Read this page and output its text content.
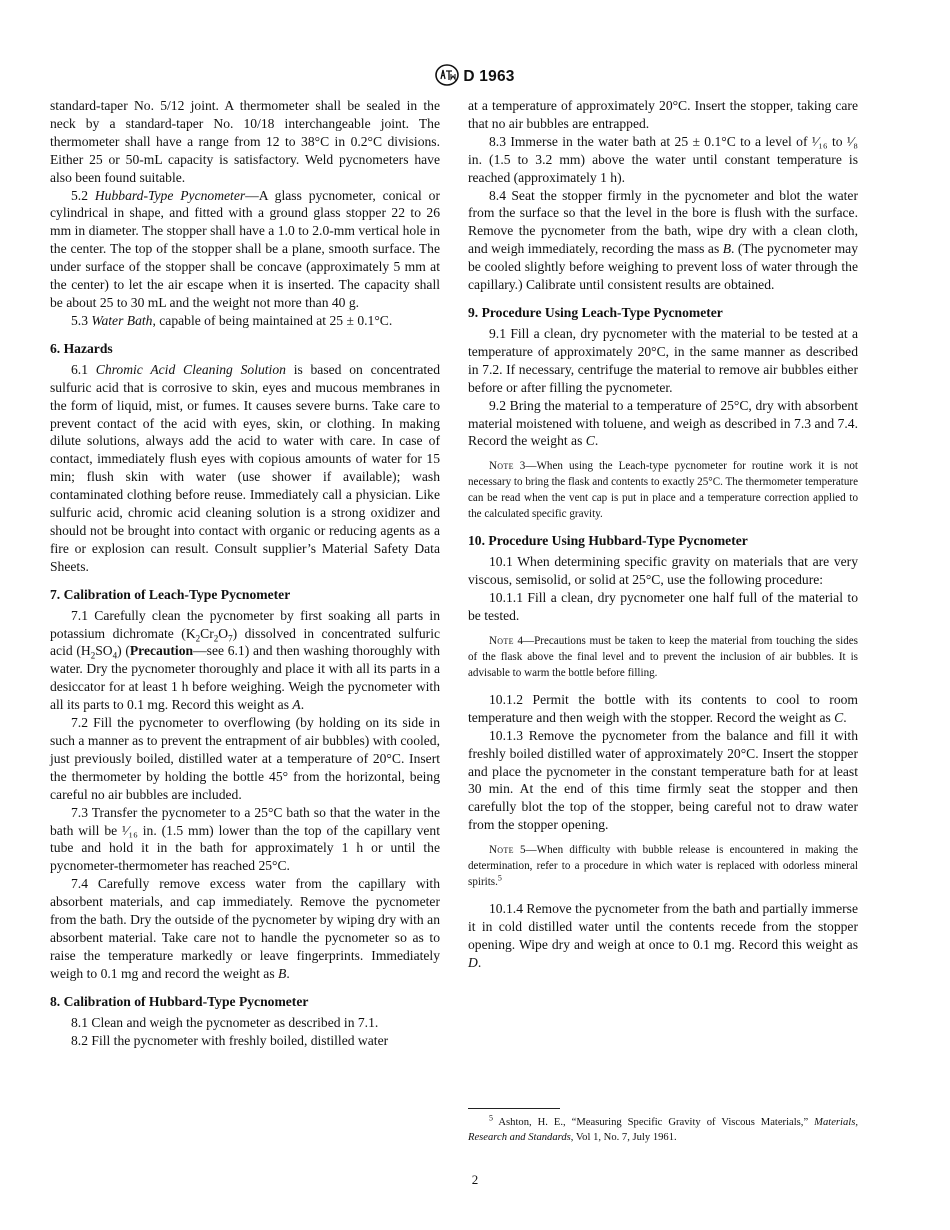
D 1963

standard-taper No. 5/12 joint. A thermometer shall be sealed in the neck by a standard-taper No. 10/18 interchangeable joint. The thermometer shall have a range from 12 to 38°C in 0.2°C divisions. Either 25 or 50-mL capacity is satisfactory. Weld pycnometers have also been found suitable.

5.2 Hubbard-Type Pycnometer—A glass pycnometer, conical or cylindrical in shape, and fitted with a ground glass stopper 22 to 26 mm in diameter. The stopper shall have a 1.0 to 2.0-mm vertical hole in the center. The top of the stopper shall be a plane, smooth surface. The under surface of the stopper shall be concave (approximately 5 mm at the center) to let the air escape when it is inserted. The capacity shall be about 25 to 30 mL and the weight not more than 40 g.

5.3 Water Bath, capable of being maintained at 25 ± 0.1°C.

6. Hazards

6.1 Chromic Acid Cleaning Solution is based on concentrated sulfuric acid that is corrosive to skin, eyes and mucous membranes in the form of liquid, mist, or fumes. It causes severe burns. Take care to prevent contact of the acid with eyes, skin, or clothing. In making dilute solutions, always add the acid to water with care. In case of contact, immediately flush eyes with copious amounts of water for 15 min; flush skin with water (use shower if available); wash contaminated clothing before reuse. Immediately call a physician. Like sulfuric acid, chromic acid cleaning solution is a strong oxidizer and should not be brought into contact with organic or reducing agents as a fire or explosion can result. Consult supplier’s Material Safety Data Sheets.

7. Calibration of Leach-Type Pycnometer

7.1 Carefully clean the pycnometer by first soaking all parts in potassium dichromate $(K_2Cr_2O_7)$ dissolved in concentrated sulfuric acid $(H_2SO_4)$ (Precaution—see 6.1) and then washing thoroughly with water. Dry the pycnometer thoroughly and place it with all its parts in a desiccator for at least 1 h before weighing. Weigh the pycnometer with all its parts to 0.1 mg. Record this weight as A.

7.2 Fill the pycnometer to overflowing (by holding on its side in such a manner as to prevent the entrapment of air bubbles) with cooled, just previously boiled, distilled water at a temperature of 20°C. Insert the thermometer by holding the bottle 45° from the horizontal, being careful no air bubbles are included.

7.3 Transfer the pycnometer to a 25°C bath so that the water in the bath will be ¹⁄₁₆ in. (1.5 mm) lower than the top of the capillary vent tube and hold it in the bath for approximately 1 h or until the pycnometer-thermometer has reached 25°C.

7.4 Carefully remove excess water from the capillary with absorbent materials, and cap immediately. Remove the pycnometer from the bath. Dry the outside of the pycnometer by wiping dry with an absorbent material. Take care not to handle the pycnometer so as to raise the temperature markedly or leave fingerprints. Immediately weigh to 0.1 mg and record the weight as B.

8. Calibration of Hubbard-Type Pycnometer

8.1 Clean and weigh the pycnometer as described in 7.1.

8.2 Fill the pycnometer with freshly boiled, distilled water

at a temperature of approximately 20°C. Insert the stopper, taking care that no air bubbles are entrapped.

8.3 Immerse in the water bath at 25 ± 0.1°C to a level of ¹⁄₁₆ to ¹⁄₈ in. (1.5 to 3.2 mm) above the water until constant temperature is reached (approximately 1 h).

8.4 Seat the stopper firmly in the pycnometer and blot the water from the surface so that the level in the bore is flush with the surface. Remove the pycnometer from the bath, wipe dry with a clean cloth, and weigh immediately, recording the mass as B. (The pycnometer may be cooled slightly before weighing to prevent loss of water through the capillary.) Calibrate until consistent results are obtained.

9. Procedure Using Leach-Type Pycnometer

9.1 Fill a clean, dry pycnometer with the material to be tested at a temperature of approximately 20°C, in the same manner as described in 7.2. If necessary, centrifuge the material to remove air bubbles either before or after filling the pycnometer.

9.2 Bring the material to a temperature of 25°C, dry with absorbent material moistened with toluene, and weigh as described in 7.3 and 7.4. Record the weight as C.

Note 3—When using the Leach-type pycnometer for routine work it is not necessary to bring the flask and contents to exactly 25°C. The thermometer temperature can be read when the vent cap is put in place and a temperature correction applied to the calculated specific gravity.
10. Procedure Using Hubbard-Type Pycnometer

10.1 When determining specific gravity on materials that are very viscous, semisolid, or solid at 25°C, use the following procedure:

10.1.1 Fill a clean, dry pycnometer one half full of the material to be tested.

Note 4—Precautions must be taken to keep the material from touching the sides of the flask above the final level and to prevent the inclusion of air bubbles. It is advisable to warm the bottle before filling.

10.1.2 Permit the bottle with its contents to cool to room temperature and then weigh with the stopper. Record the weight as C.

10.1.3 Remove the pycnometer from the balance and fill it with freshly boiled distilled water of approximately 20°C. Insert the stopper and place the pycnometer in the constant temperature bath for at least 30 min. At the end of this time firmly seat the stopper and then carefully blot the top of the stopper, being careful not to draw water from the stopper opening.

Note 5—When difficulty with bubble release is encountered in making the determination, refer to a procedure in which water is replaced with odorless mineral spirits.$^5$

10.1.4 Remove the pycnometer from the bath and partially immerse it in cold distilled water until the contents recede from the stopper opening. Wipe dry and weigh at once to 0.1 mg. Record this weight as D.

$^5$ Ashton, H. E., “Measuring Specific Gravity of Viscous Materials,” Materials, Research and Standards, Vol 1, No. 7, July 1961.
2
